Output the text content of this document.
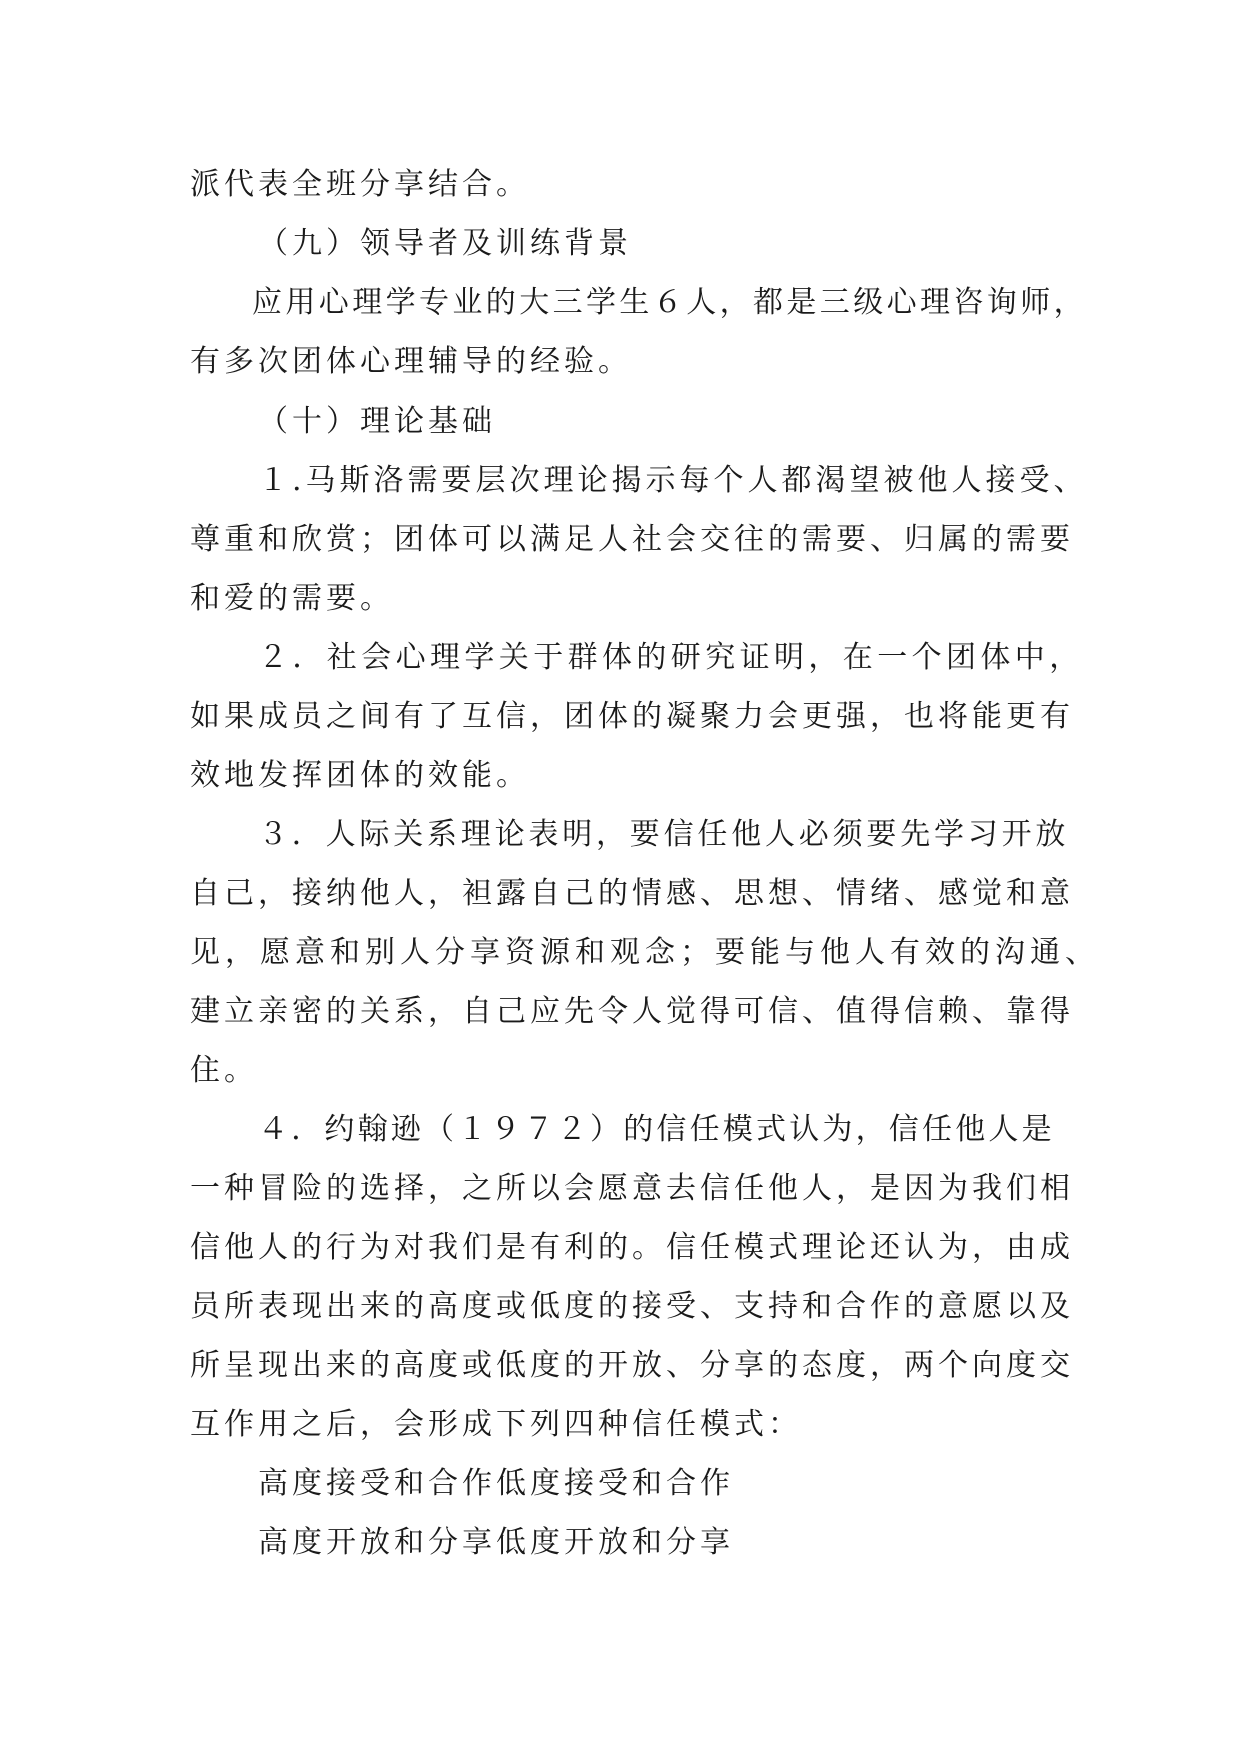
派代表全班分享结合。
（九）领导者及训练背景
应用心理学专业的大三学生６人，都是三级心理咨询师，
有多次团体心理辅导的经验。
（十）理论基础
１.马斯洛需要层次理论揭示每个人都渴望被他人接受、
尊重和欣赏；团体可以满足人社会交往的需要、归属的需要
和爱的需要。
２．社会心理学关于群体的研究证明，在一个团体中，
如果成员之间有了互信，团体的凝聚力会更强，也将能更有
效地发挥团体的效能。
３．人际关系理论表明，要信任他人必须要先学习开放
自己，接纳他人，袒露自己的情感、思想、情绪、感觉和意
见，愿意和别人分享资源和观念；要能与他人有效的沟通、
建立亲密的关系，自己应先令人觉得可信、值得信赖、靠得
住。
４．约翰逊（１９７２）的信任模式认为，信任他人是
一种冒险的选择，之所以会愿意去信任他人，是因为我们相
信他人的行为对我们是有利的。信任模式理论还认为，由成
员所表现出来的高度或低度的接受、支持和合作的意愿以及
所呈现出来的高度或低度的开放、分享的态度，两个向度交
互作用之后，会形成下列四种信任模式：
高度接受和合作低度接受和合作
高度开放和分享低度开放和分享
